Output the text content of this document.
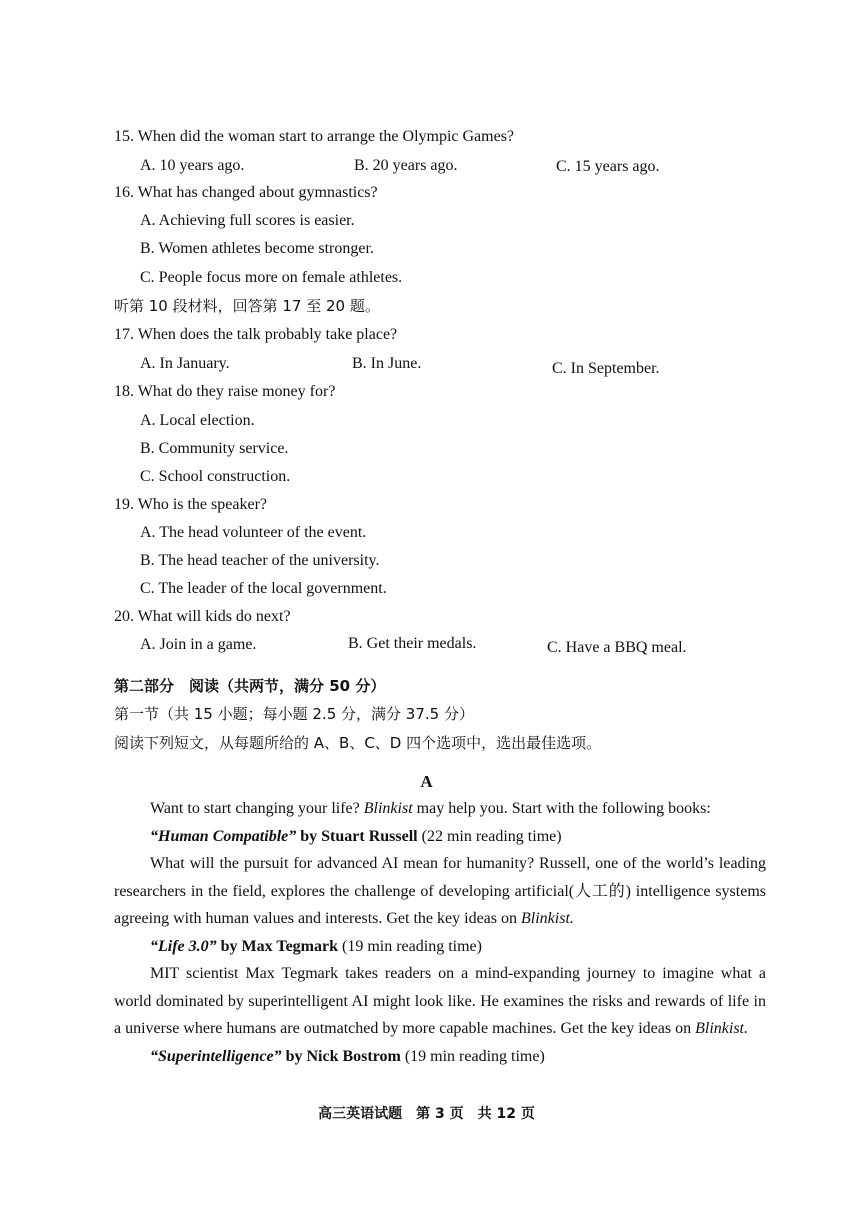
15. When did the woman start to arrange the Olympic Games?
A. 10 years ago.	B. 20 years ago.	C. 15 years ago.
16. What has changed about gymnastics?
A. Achieving full scores is easier.
B. Women athletes become stronger.
C. People focus more on female athletes.
听第 10 段材料，回答第 17 至 20 题。
17. When does the talk probably take place?
A. In January.	B. In June.	C. In September.
18. What do they raise money for?
A. Local election.
B. Community service.
C. School construction.
19. Who is the speaker?
A. The head volunteer of the event.
B. The head teacher of the university.
C. The leader of the local government.
20. What will kids do next?
A. Join in a game.	B. Get their medals.	C. Have a BBQ meal.
第二部分　阅读（共两节，满分 50 分）
第一节（共 15 小题；每小题 2.5 分，满分 37.5 分）
阅读下列短文，从每题所给的 A、B、C、D 四个选项中，选出最佳选项。
A

Want to start changing your life? Blinkist may help you. Start with the following books:

“Human Compatible” by Stuart Russell (22 min reading time)

What will the pursuit for advanced AI mean for humanity? Russell, one of the world’s leading researchers in the field, explores the challenge of developing artificial(人工的) intelligence systems agreeing with human values and interests. Get the key ideas on Blinkist.

“Life 3.0” by Max Tegmark (19 min reading time)

MIT scientist Max Tegmark takes readers on a mind-expanding journey to imagine what a world dominated by superintelligent AI might look like. He examines the risks and rewards of life in a universe where humans are outmatched by more capable machines. Get the key ideas on Blinkist.

“Superintelligence” by Nick Bostrom (19 min reading time)

高三英语试题　第 3 页　共 12 页
